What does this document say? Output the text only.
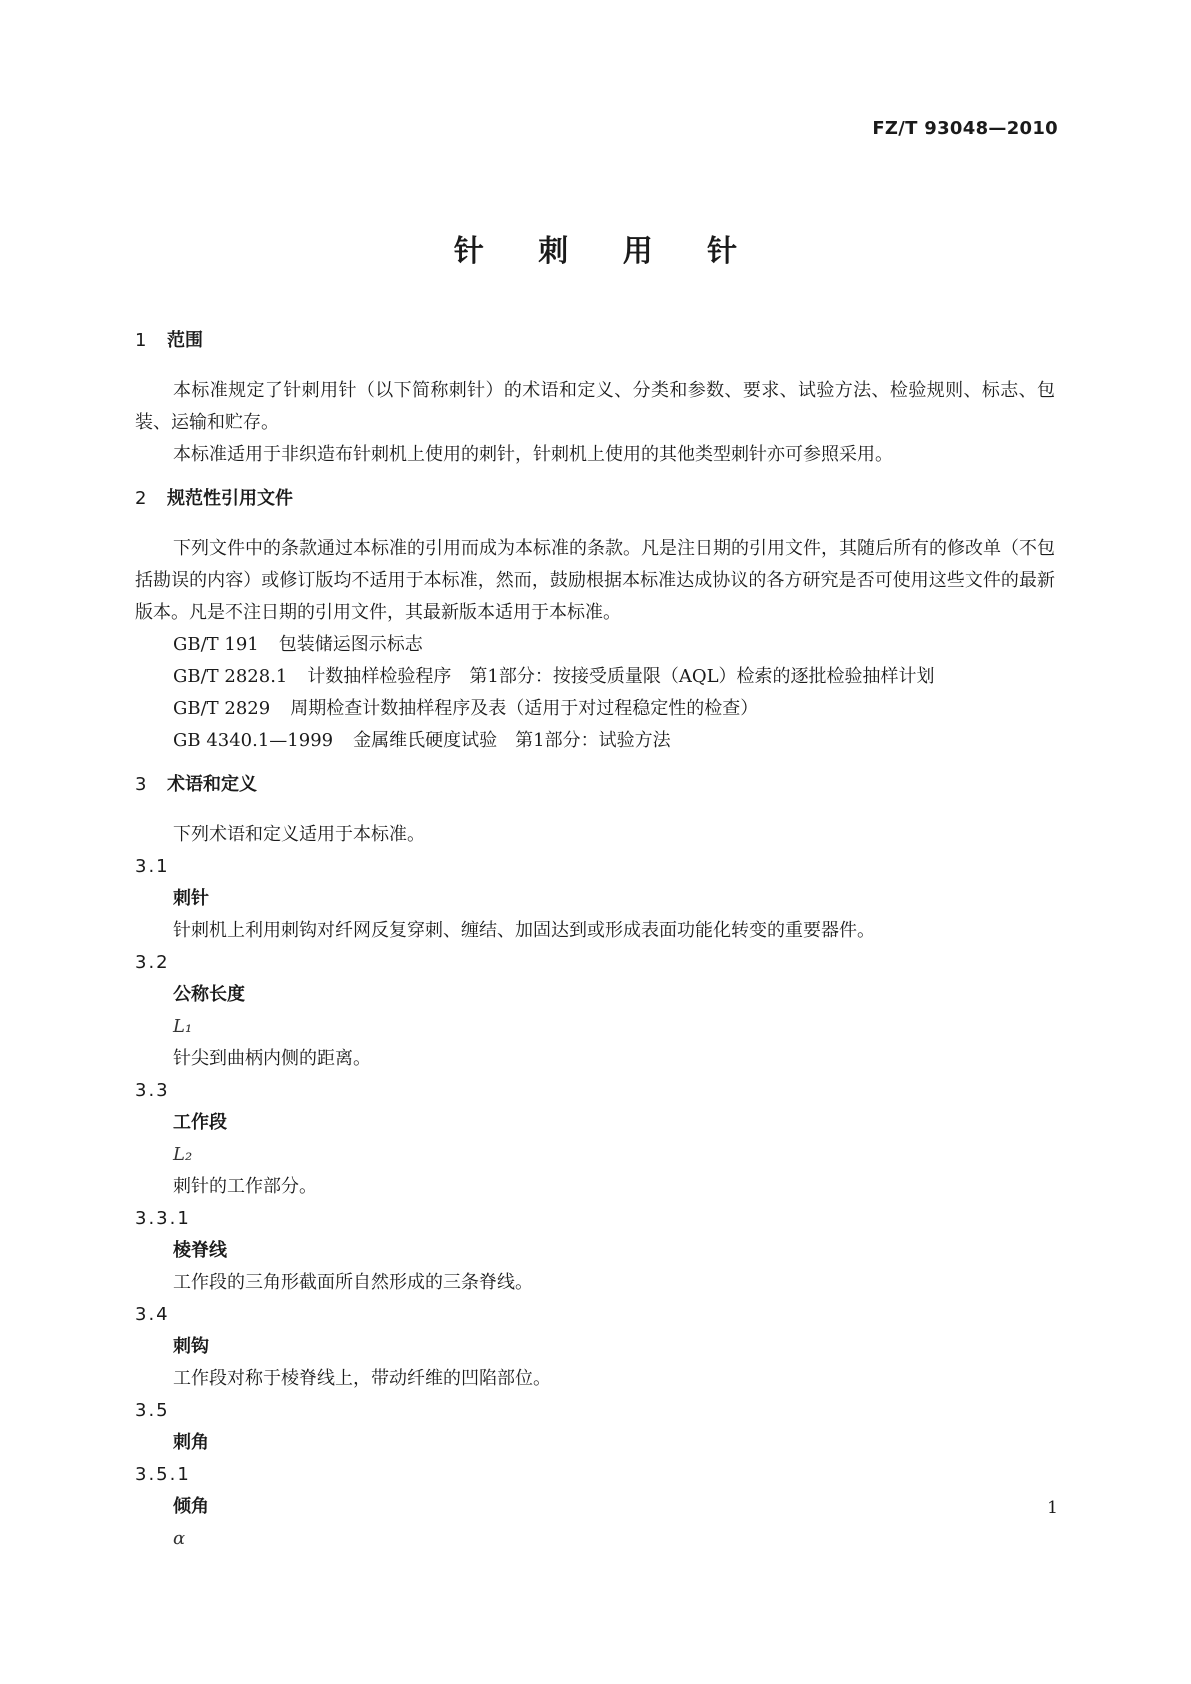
FZ/T 93048—2010
针 刺 用 针
1 范围

本标准规定了针刺用针（以下简称刺针）的术语和定义、分类和参数、要求、试验方法、检验规则、标志、包装、运输和贮存。

本标准适用于非织造布针刺机上使用的刺针，针刺机上使用的其他类型刺针亦可参照采用。

2 规范性引用文件

下列文件中的条款通过本标准的引用而成为本标准的条款。凡是注日期的引用文件，其随后所有的修改单（不包括勘误的内容）或修订版均不适用于本标准，然而，鼓励根据本标准达成协议的各方研究是否可使用这些文件的最新版本。凡是不注日期的引用文件，其最新版本适用于本标准。

GB/T 191 包装储运图示标志

GB/T 2828.1 计数抽样检验程序　第1部分：按接受质量限（AQL）检索的逐批检验抽样计划

GB/T 2829 周期检查计数抽样程序及表（适用于对过程稳定性的检查）

GB 4340.1—1999 金属维氏硬度试验　第1部分：试验方法

3 术语和定义

下列术语和定义适用于本标准。

3.1

刺针

针刺机上利用刺钩对纤网反复穿刺、缠结、加固达到或形成表面功能化转变的重要器件。

3.2

公称长度

L₁

针尖到曲柄内侧的距离。

3.3

工作段

L₂

刺针的工作部分。

3.3.1

棱脊线

工作段的三角形截面所自然形成的三条脊线。

3.4

刺钩

工作段对称于棱脊线上，带动纤维的凹陷部位。

3.5

刺角

3.5.1

倾角

α

1
